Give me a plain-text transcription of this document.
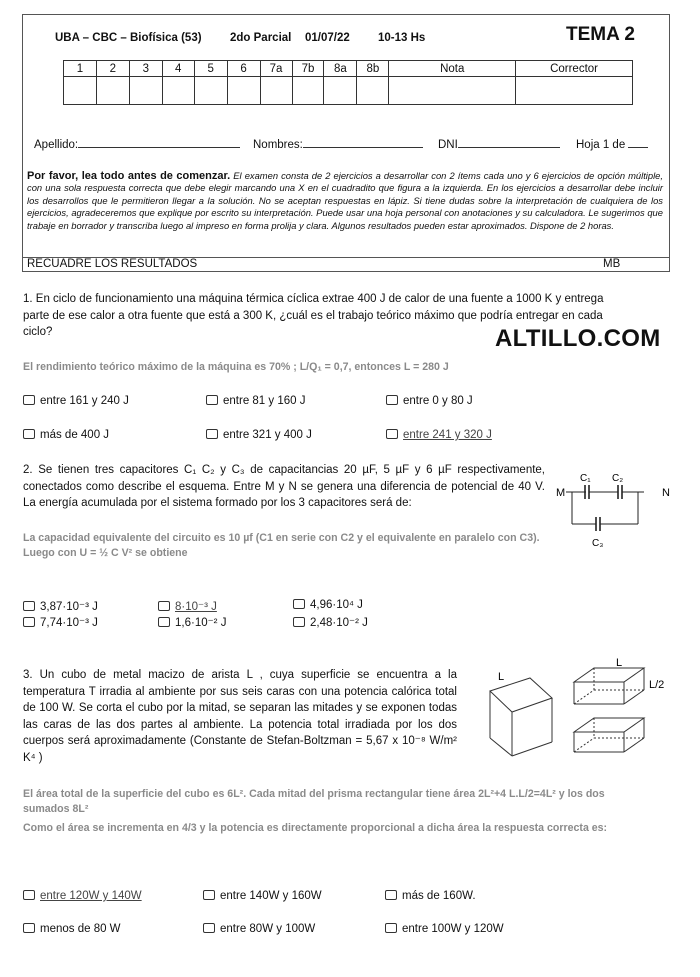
UBA – CBC – Biofísica (53) 2do Parcial 01/07/22 10-13 Hs	TEMA 2
1	2	3	4	5	6	7a	7b	8a	8b	Nota	Corrector

Apellido:	Nombres:	DNI	Hoja 1 de
Por favor, lea todo antes de comenzar. El examen consta de 2 ejercicios a desarrollar con 2 ítems cada uno y 6 ejercicios de opción múltiple, con una sola respuesta correcta que debe elegir marcando una X en el cuadradito que figura a la izquierda. En los ejercicios a desarrollar debe incluir los desarrollos que le permitieron llegar a la solución. No se aceptan respuestas en lápiz. Si tiene dudas sobre la interpretación de cualquiera de los ejercicios, agradeceremos que explique por escrito su interpretación. Puede usar una hoja personal con anotaciones y su calculadora. Le sugerimos que trabaje en borrador y transcriba luego al impreso en forma prolija y clara. Algunos resultados pueden estar aproximados. Dispone de 2 horas.
RECUADRE LOS RESULTADOS	MB
1. En ciclo de funcionamiento una máquina térmica cíclica extrae 400 J de calor de una fuente a 1000 K y entrega parte de ese calor a otra fuente que está a 300 K, ¿cuál es el trabajo teórico máximo que podría entregar en cada ciclo?	ALTILLO.COM
El rendimiento teórico máximo de la máquina es 70% ; L/Q₁ = 0,7, entonces L = 280 J
entre 161 y 240 J	entre 81 y 160 J	entre 0 y 80 J
más de 400 J	entre 321 y 400 J	entre 241 y 320 J
2. Se tienen tres capacitores C₁ C₂ y C₃ de capacitancias 20 µF, 5 µF y 6 µF respectivamente, conectados como describe el esquema. Entre M y N se genera una diferencia de potencial de 40 V. La energía acumulada por el sistema formado por los 3 capacitores será de:
M	N
C₁ C₂
C₃
La capacidad equivalente del circuito es 10 µf (C1 en serie con C2 y el equivalente en paralelo con C3). Luego con U = ½ C V² se obtiene
3,87·10⁻³ J	8·10⁻³ J	4,96·10⁴ J
7,74·10⁻³ J	1,6·10⁻² J	2,48·10⁻² J
3. Un cubo de metal macizo de arista L , cuya superficie se encuentra a la temperatura T irradia al ambiente por sus seis caras con una potencia calórica total de 100 W. Se corta el cubo por la mitad, se separan las mitades y se exponen todas las caras de las dos partes al ambiente. La potencia total irradiada por los dos cuerpos será aproximadamente (Constante de Stefan-Boltzman = 5,67 x 10⁻⁸ W/m² K⁴ )
L
L
L/2
El área total de la superficie del cubo es 6L². Cada mitad del prisma rectangular tiene área 2L²+4 L.L/2=4L² y los dos sumados 8L²
Como el área se incrementa en 4/3 y la potencia es directamente proporcional a dicha área la respuesta correcta es:
entre 120W y 140W	entre 140W y 160W	más de 160W.
menos de 80 W	entre 80W y 100W	entre 100W y 120W
